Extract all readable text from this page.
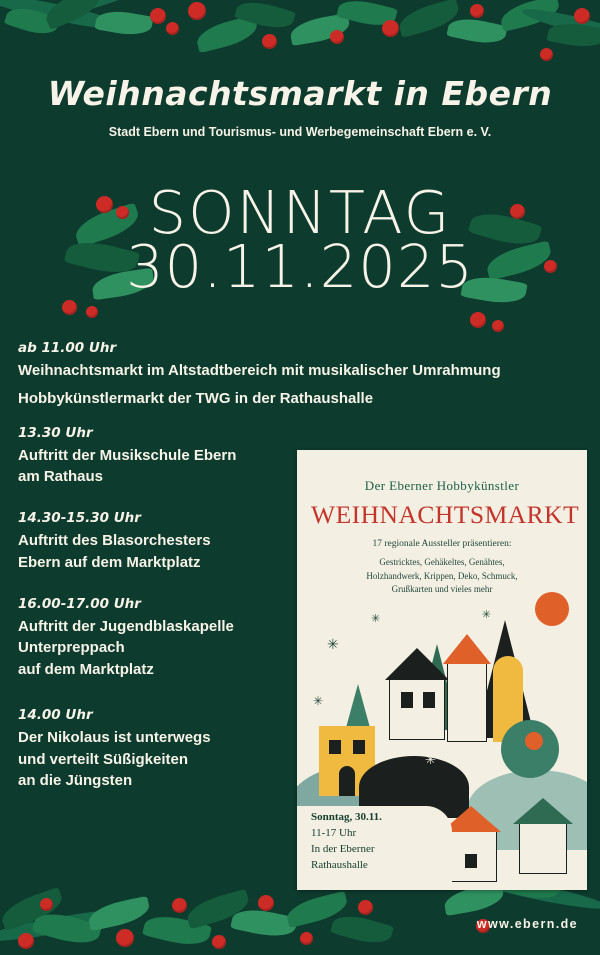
Weihnachtsmarkt in Ebern
Stadt Ebern und Tourismus- und Werbegemeinschaft Ebern e. V.
SONNTAG
30.11.2025
ab 11.00 Uhr
Weihnachtsmarkt im Altstadtbereich mit musikalischer Umrahmung
Hobbykünstlermarkt der TWG in der Rathaushalle
13.30 Uhr
Auftritt der Musikschule Ebern
am Rathaus
14.30-15.30 Uhr
Auftritt des Blasorchesters
Ebern auf dem Marktplatz
16.00-17.00 Uhr
Auftritt der Jugendblaskapelle
Unterpreppach
auf dem Marktplatz
14.00 Uhr
Der Nikolaus ist unterwegs
und verteilt Süßigkeiten
an die Jüngsten
Der Eberner Hobbykünstler
WEIHNACHTSMARKT
17 regionale Aussteller präsentieren:
Gestricktes, Gehäkeltes, Genähtes,
Holzhandwerk, Krippen, Deko, Schmuck,
Grußkarten und vieles mehr
✳
✳
✳
✳
✳
Sonntag, 30.11.
11-17 Uhr
In der Eberner
Rathaushalle
www.ebern.de
